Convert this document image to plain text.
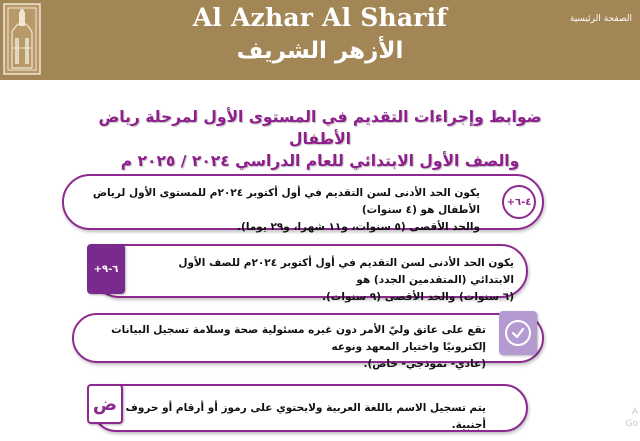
Al Azhar Al Sharif
الأزهر الشريف
الصفحة الرئيسية
ضوابط وإجراءات التقديم في المستوى الأول لمرحلة رياض الأطفال
والصف الأول الابتدائي للعام الدراسي ٢٠٢٤ / ٢٠٢٥ م
يكون الحد الأدنى لسن التقديم في أول أكتوبر ٢٠٢٤م للمستوى الأول لرياض الأطفال هو (٤ سنوات)
والحد الأقصى (٥ سنوات، و١١ شهرا، و٢٩ يوما).
+٤-٦
يكون الحد الأدنى لسن التقديم في أول أكتوبر ٢٠٢٤م للصف الأول الابتدائي (المتقدمين الجدد) هو
(٦ سنوات) والحد الأقصى (٩ سنوات).
+٦-٩
تقع على عاتق وليّ الأمر دون غيره مسئولية صحة وسلامة تسجيل البيانات إلكترونيًا واختيار المعهد ونوعه
(عادي- نموذجي- خاص).
يتم تسجيل الاسم باللغة العربية ولايحتوي على رموز أو أرقام أو حروف أجنبية.
ض	A
Go
